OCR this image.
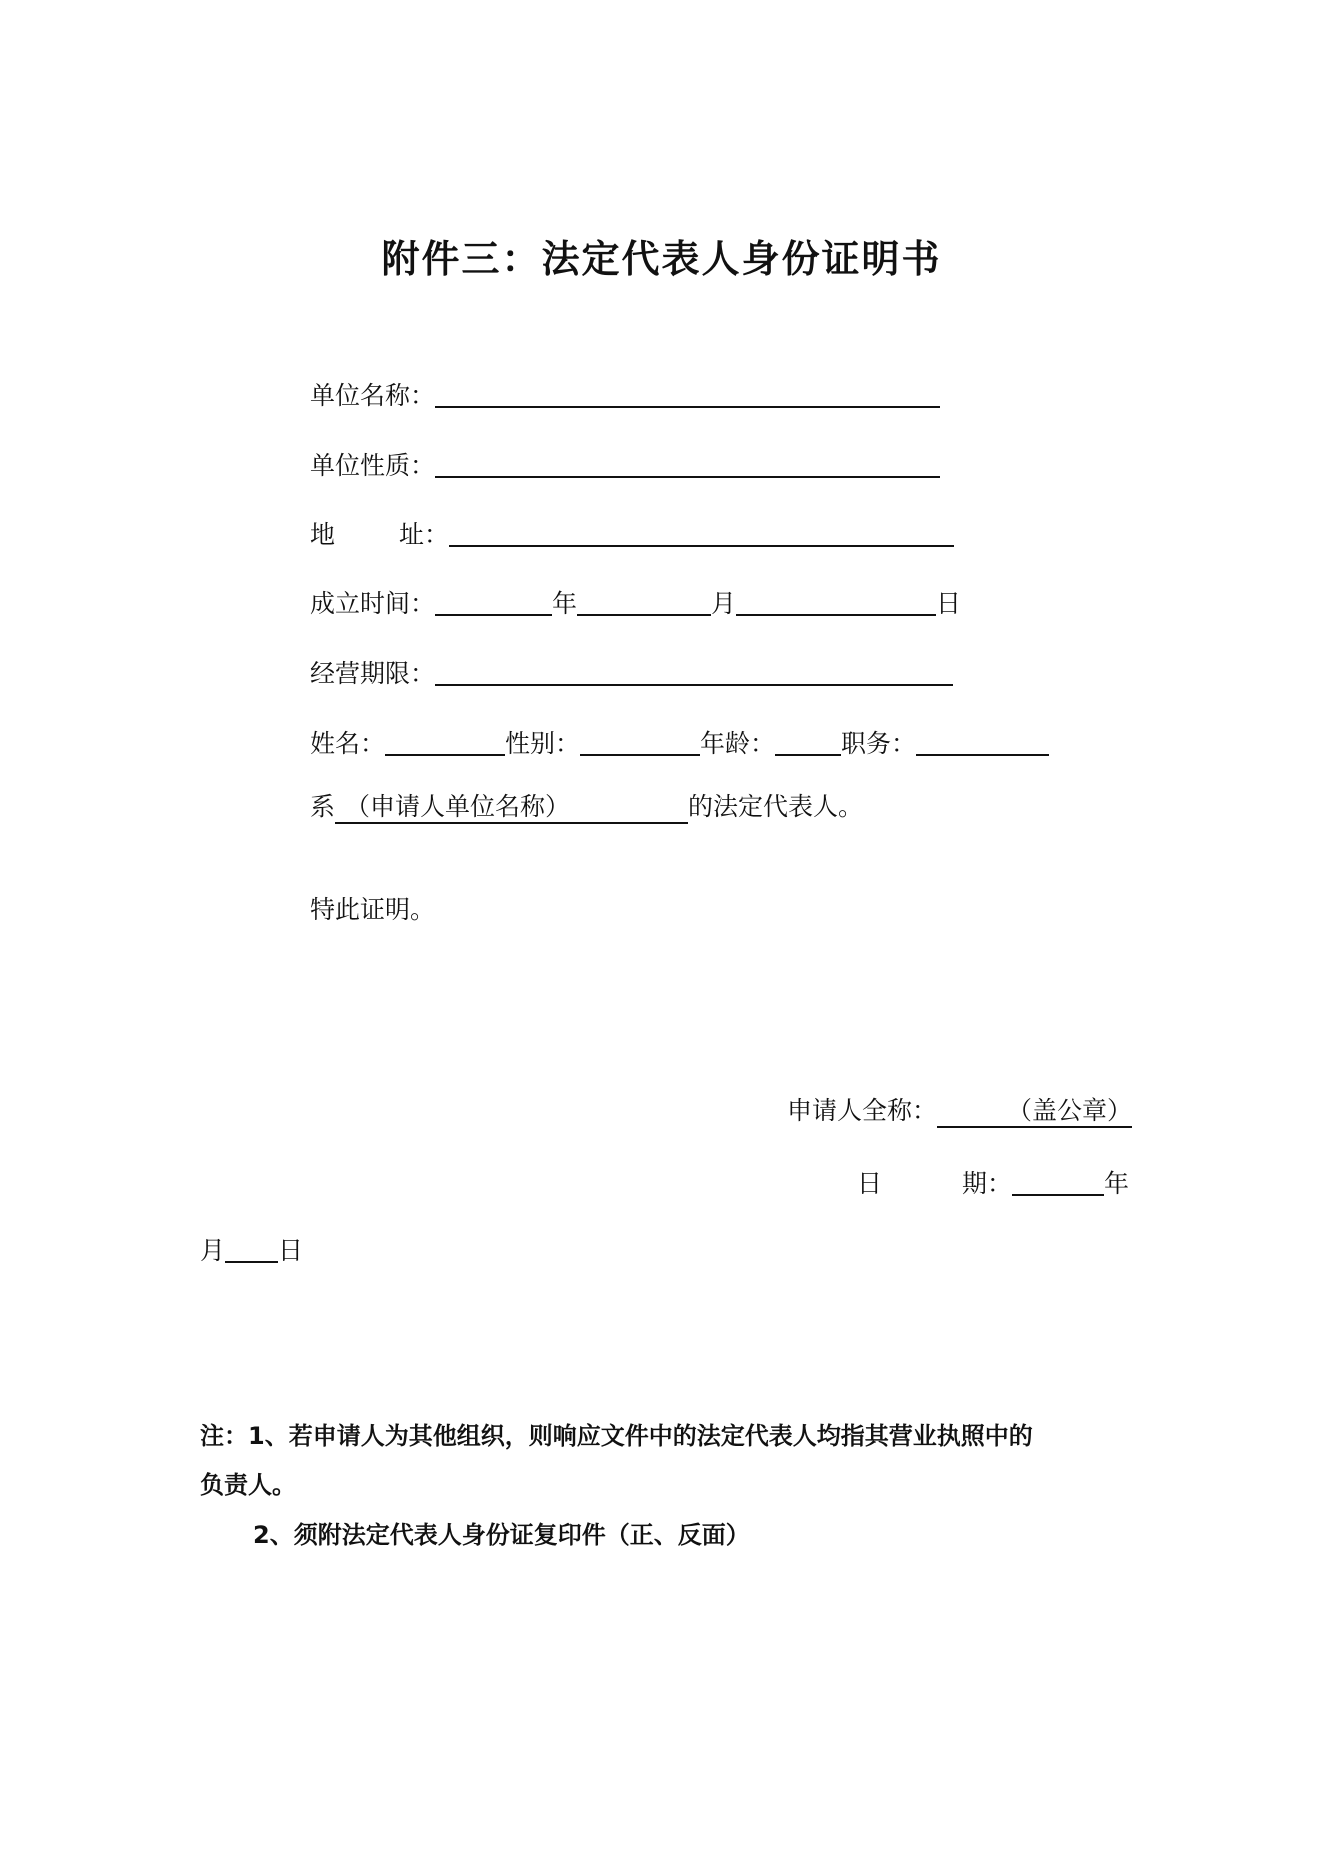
附件三：法定代表人身份证明书
单位名称：
单位性质：
地	址：
成立时间：	年	月	日
经营期限：
姓名：	性别：	年龄：	职务：
系 （申请人单位名称）	的法定代表人。
特此证明。
申请人全称：	（盖公章）
日	期：	年
月 日
注：1、若申请人为其他组织，则响应文件中的法定代表人均指其营业执照中的
负责人。
2、须附法定代表人身份证复印件（正、反面）
